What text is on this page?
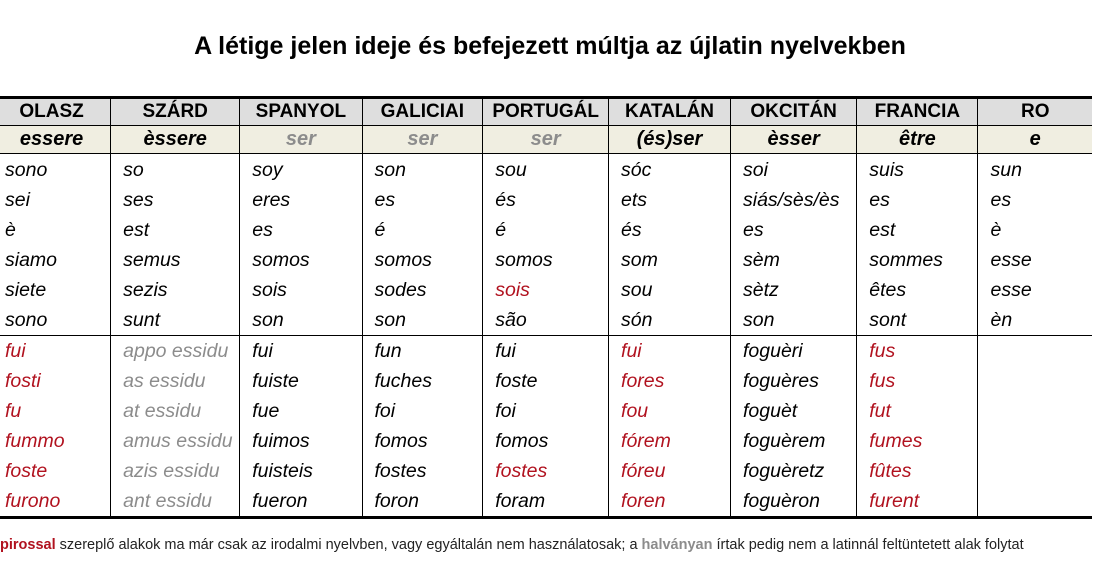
A létige jelen ideje és befejezett múltja az újlatin nyelvekben
OLASZ	SZÁRD	SPANYOL	GALICIAI	PORTUGÁL	KATALÁN	OKCITÁN	FRANCIA	RO
essere	èssere	ser	ser	ser	(és)ser	èsser	être	e
sono	so	soy	son	sou	sóc	soi	suis	sun
sei	ses	eres	es	és	ets	siás/sès/ès	es	es
è	est	es	é	é	és	es	est	è
siamo	semus	somos	somos	somos	som	sèm	sommes	esse
siete	sezis	sois	sodes	sois	sou	sètz	êtes	esse
sono	sunt	son	son	são	són	son	sont	èn
fui	appo essidu	fui	fun	fui	fui	foguèri	fus	
fosti	as essidu	fuiste	fuches	foste	fores	foguères	fus	
fu	at essidu	fue	foi	foi	fou	foguèt	fut	
fummo	amus essidu	fuimos	fomos	fomos	fórem	foguèrem	fumes	
foste	azis essidu	fuisteis	fostes	fostes	fóreu	foguèretz	fûtes	
furono	ant essidu	fueron	foron	foram	foren	foguèron	furent	
pirossal szereplő alakok ma már csak az irodalmi nyelvben, vagy egyáltalán nem használatosak; a halványan írtak pedig nem a latinnál feltüntetett alak folytat
